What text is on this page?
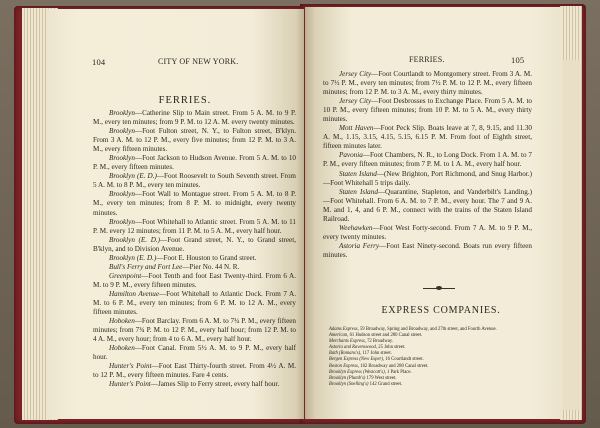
104	CITY OF NEW YORK.
FERRIES.

Brooklyn—Catherine Slip to Main street. From 5 A. M. to 9 P. M., every ten minutes; from 9 P. M. to 12 A. M. every twenty minutes.

Brooklyn—Foot Fulton street, N. Y., to Fulton street, B'klyn. From 3 A. M. to 12 P. M., every five minutes; from 12 P. M. to 3 A. M., every fifteen minutes.

Brooklyn—Foot Jackson to Hudson Avenue. From 5 A. M. to 10 P. M., every fifteen minutes.

Brooklyn (E. D.)—Foot Roosevelt to South Seventh street. From 5 A. M. to 8 P. M., every ten minutes.

Brooklyn—Foot Wall to Montague street. From 5 A. M. to 8 P. M., every ten minutes; from 8 P. M. to midnight, every twenty minutes.

Brooklyn—Foot Whitehall to Atlantic street. From 5 A. M. to 11 P. M. every 12 minutes; from 11 P. M. to 5 A. M., every half hour.

Brooklyn (E. D.)—Foot Grand street, N. Y., to Grand street, B'klyn, and to Division Avenue.

Brooklyn (E. D.)—Foot E. Houston to Grand street.

Bull's Ferry and Fort Lee—Pier No. 44 N. R.

Greenpoint—Foot Tenth and foot East Twenty-third. From 6 A. M. to 9 P. M., every fifteen minutes.

Hamilton Avenue—Foot Whitehall to Atlantic Dock. From 7 A. M. to 6 P. M., every ten minutes; from 6 P. M. to 12 A. M., every fifteen minutes.

Hoboken—Foot Barclay. From 6 A. M. to 7¾ P. M., every fifteen minutes; from 7¾ P. M. to 12 P. M., every half hour; from 12 P. M. to 4 A. M., every hour; from 4 to 6 A. M., every half hour.

Hoboken—Foot Canal. From 5½ A. M. to 9 P. M., every half hour.

Hunter's Point—Foot East Thirty-fourth street. From 4½ A. M. to 12 P. M., every fifteen minutes. Fare 4 cents.

Hunter's Point—James Slip to Ferry street, every half hour.

FERRIES.	105

Jersey City—Foot Courtlandt to Montgomery street. From 3 A. M. to 7½ P. M., every ten minutes; from 7½ P. M. to 12 P. M., every fifteen minutes; from 12 P. M. to 3 A. M., every thirty minutes.

Jersey City—Foot Desbrosses to Exchange Place. From 5 A. M. to 10 P. M., every fifteen minutes; from 10 P. M. to 5 A. M., every thirty minutes.

Mott Haven—Foot Peck Slip. Boats leave at 7, 8, 9.15, and 11.30 A. M., 1.15, 3.15, 4.15, 5.15, 6.15 P. M. From foot of Eighth street, fifteen minutes later.

Pavonia—Foot Chambers, N. R., to Long Dock. From 1 A. M. to 7 P. M., every fifteen minutes; from 7 P. M. to 1 A. M., every half hour.

Staten Island—(New Brighton, Port Richmond, and Snug Harbor.)—Foot Whitehall 5 trips daily.

Staten Island—Quarantine, Stapleton, and Vanderbilt's Landing.)—Foot Whitehall. From 6 A. M. to 7 P. M., every hour. The 7 and 9 A. M. and 1, 4, and 6 P. M., connect with the trains of the Staten Island Railroad.

Weehawken—Foot West Forty-second. From 7 A. M. to 9 P. M., every twenty minutes.

Astoria Ferry—Foot East Ninety-second. Boats run every fifteen minutes.

EXPRESS COMPANIES.

Adams Express, 59 Broadway, Spring and Broadway, and 27th street, and Fourth Avenue.

American, 61 Hudson street and 280 Canal street.

Merchants Express, 72 Broadway.

Astoria and Ravenswood, 25 John street.

Bath (Romans's), 117 John street.

Bergen Express (New Esper), 16 Courtlandt street.

Boston Express, 162 Broadway and 280 Canal street.

Brooklyn Express (Westcott's), 1 Park Place.

Brooklyn (Plumb's) 179 West street.

Brooklyn (Snelling's) 142 Grand street.
